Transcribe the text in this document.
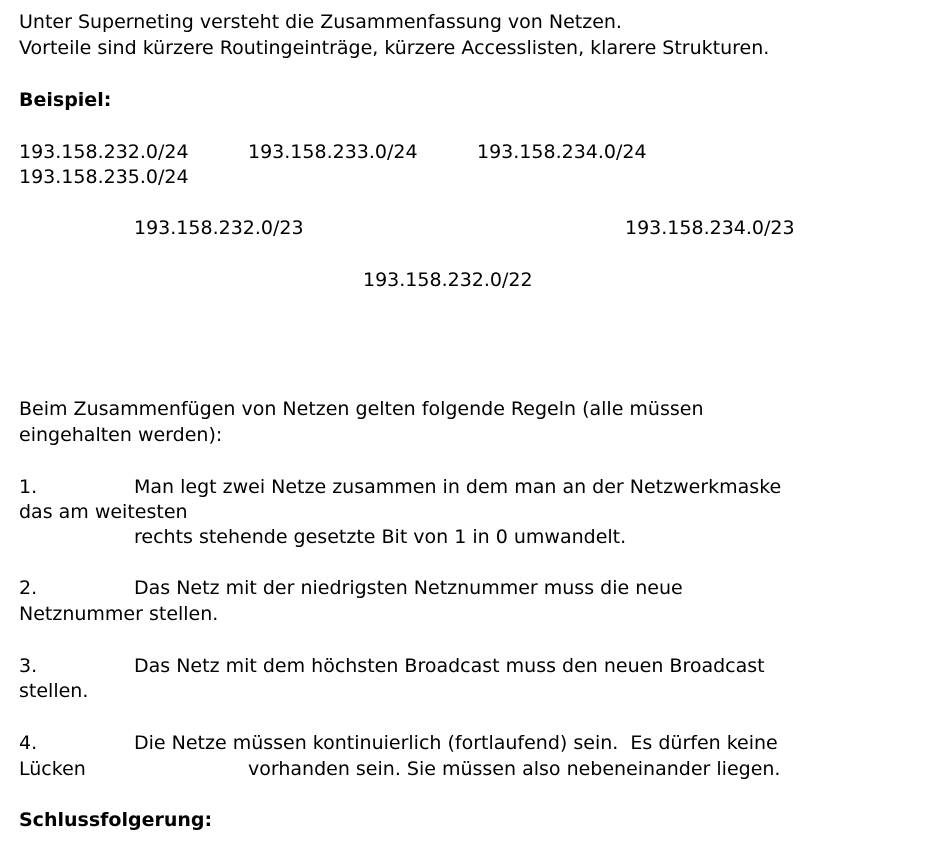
Unter Superneting versteht die Zusammenfassung von Netzen.
Vorteile sind kürzere Routingeinträge, kürzere Accesslisten, klarere Strukturen.
Beispiel:
193.158.232.0/24	193.158.233.0/24	193.158.234.0/24
193.158.235.0/24
193.158.232.0/23	193.158.234.0/23
193.158.232.0/22
Beim Zusammenfügen von Netzen gelten folgende Regeln (alle müssen
eingehalten werden):
1.	Man legt zwei Netze zusammen in dem man an der Netzwerkmaske
das am weitesten
rechts stehende gesetzte Bit von 1 in 0 umwandelt.
2.	Das Netz mit der niedrigsten Netznummer muss die neue
Netznummer stellen.
3.	Das Netz mit dem höchsten Broadcast muss den neuen Broadcast
stellen.
4.	Die Netze müssen kontinuierlich (fortlaufend) sein.  Es dürfen keine
Lücken	vorhanden sein. Sie müssen also nebeneinander liegen.
Schlussfolgerung:
